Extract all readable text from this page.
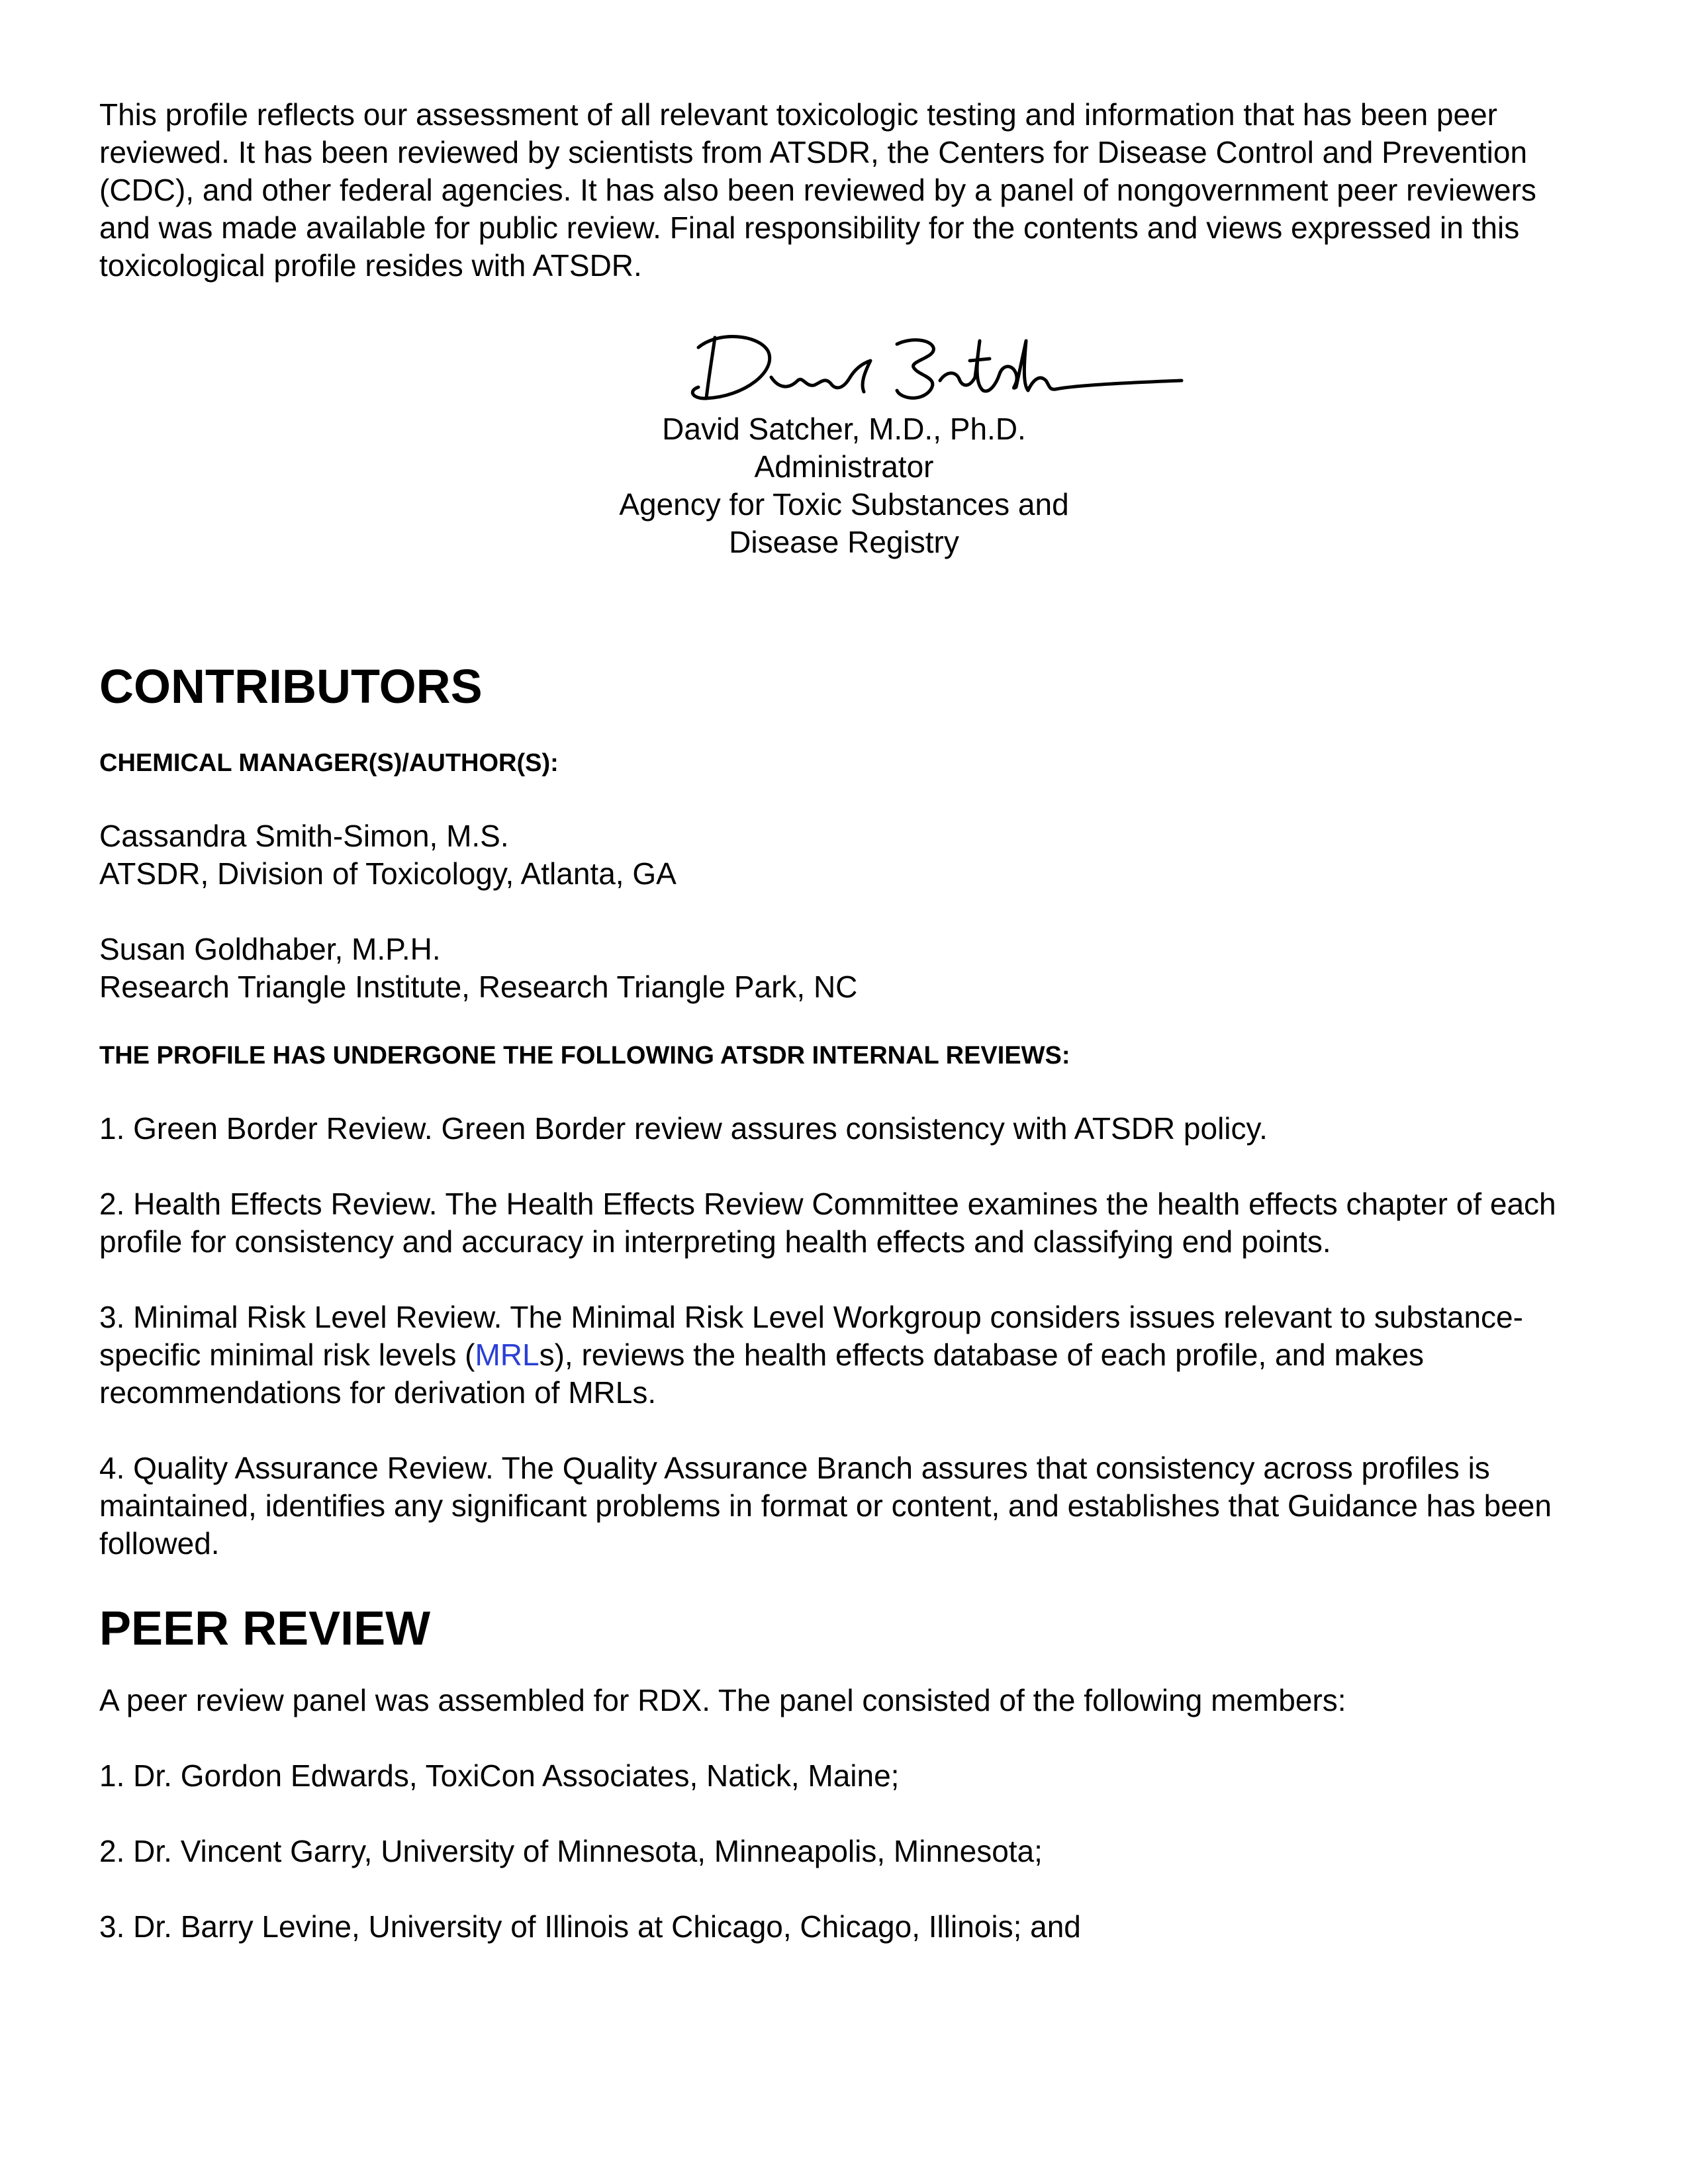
This profile reflects our assessment of all relevant toxicologic testing and information that has been peer reviewed. It has been reviewed by scientists from ATSDR, the Centers for Disease Control and Prevention (CDC), and other federal agencies. It has also been reviewed by a panel of nongovernment peer reviewers and was made available for public review. Final responsibility for the contents and views expressed in this toxicological profile resides with ATSDR.

David Satcher, M.D., Ph.D.

Administrator

Agency for Toxic Substances and

Disease Registry

CONTRIBUTORS
CHEMICAL MANAGER(S)/AUTHOR(S):

Cassandra Smith-Simon, M.S.

ATSDR, Division of Toxicology, Atlanta, GA

Susan Goldhaber, M.P.H.

Research Triangle Institute, Research Triangle Park, NC

THE PROFILE HAS UNDERGONE THE FOLLOWING ATSDR INTERNAL REVIEWS:

1. Green Border Review. Green Border review assures consistency with ATSDR policy.

2. Health Effects Review. The Health Effects Review Committee examines the health effects chapter of each profile for consistency and accuracy in interpreting health effects and classifying end points.

3. Minimal Risk Level Review. The Minimal Risk Level Workgroup considers issues relevant to substance-specific minimal risk levels (MRLs), reviews the health effects database of each profile, and makes recommendations for derivation of MRLs.

4. Quality Assurance Review. The Quality Assurance Branch assures that consistency across profiles is maintained, identifies any significant problems in format or content, and establishes that Guidance has been followed.

PEER REVIEW

A peer review panel was assembled for RDX. The panel consisted of the following members:

1. Dr. Gordon Edwards, ToxiCon Associates, Natick, Maine;

2. Dr. Vincent Garry, University of Minnesota, Minneapolis, Minnesota;

3. Dr. Barry Levine, University of Illinois at Chicago, Chicago, Illinois; and
